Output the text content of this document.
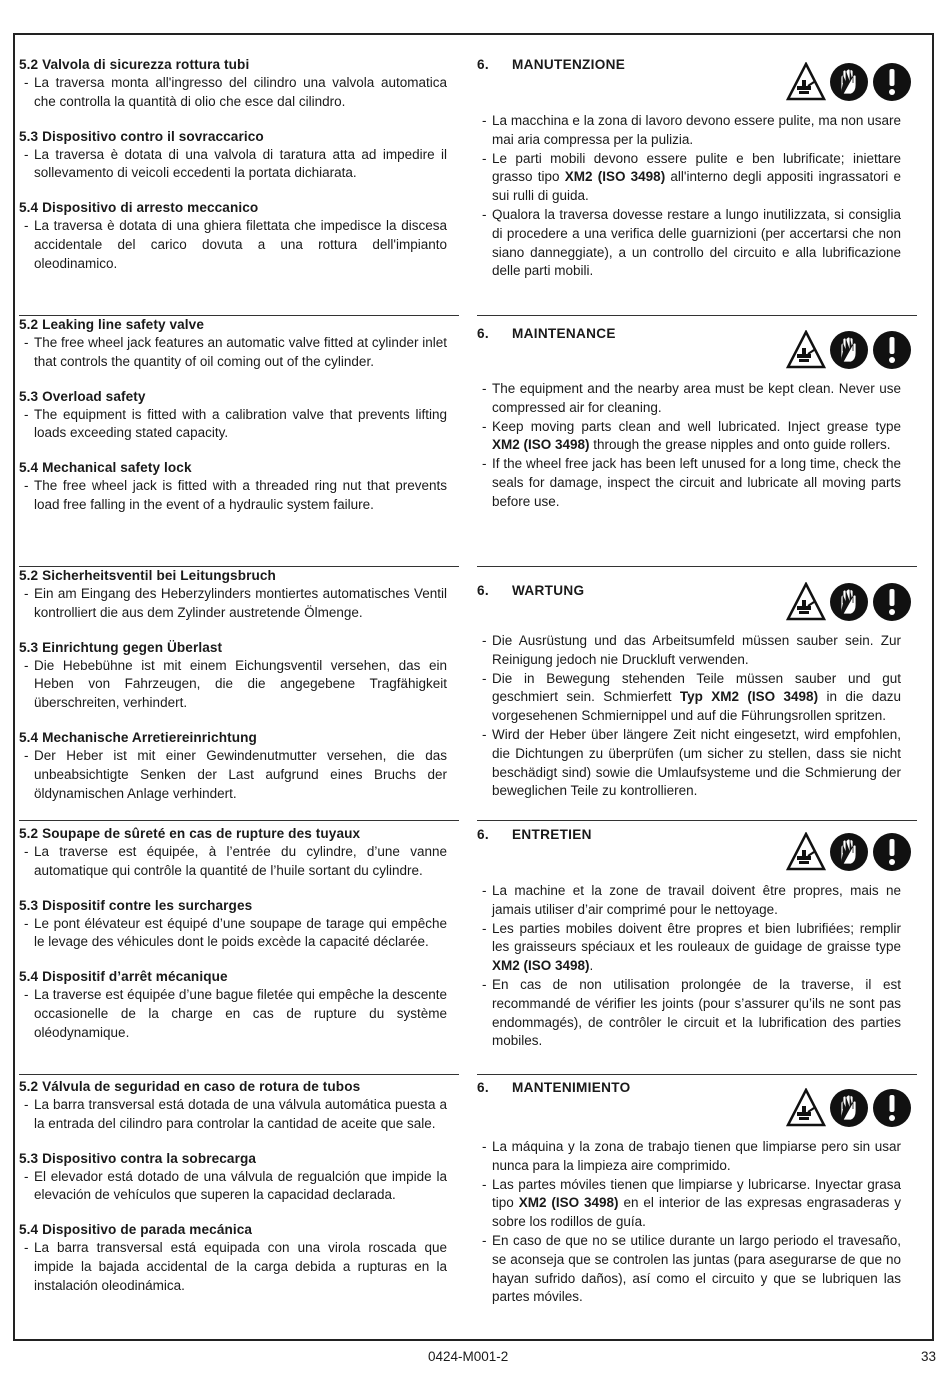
5.2 Valvola di sicurezza rottura tubi
- La traversa monta all'ingresso del cilindro una valvola automatica che controlla la quantità di olio che esce dal cilindro.
5.3 Dispositivo contro il sovraccarico
- La traversa è dotata di una valvola di taratura atta ad impedire il sollevamento di veicoli eccedenti la portata dichiarata.
5.4 Dispositivo di arresto meccanico
- La traversa è dotata di una ghiera filettata che impedisce la discesa accidentale del carico dovuta a una rottura dell'impianto oleodinamico.

6. MANUTENZIONE

- La macchina e la zona di lavoro devono essere pulite, ma non usare mai aria compressa per la pulizia.
- Le parti mobili devono essere pulite e ben lubrificate; iniettare grasso tipo XM2 (ISO 3498) all'interno degli appositi ingrassatori e sui rulli di guida.
- Qualora la traversa dovesse restare a lungo inutilizzata, si consiglia di procedere a una verifica delle guarnizioni (per accertarsi che non siano danneggiate), a un controllo del circuito e alla lubrificazione delle parti mobili.
5.2 Leaking line safety valve
- The free wheel jack features an automatic valve fitted at cylinder inlet that controls the quantity of oil coming out of the cylinder.
5.3 Overload safety
- The equipment is fitted with a calibration valve that prevents lifting loads exceeding stated capacity.
5.4 Mechanical safety lock
- The free wheel jack is fitted with a threaded ring nut that prevents load free falling in the event of a hydraulic system failure.

6. MAINTENANCE

- The equipment and the nearby area must be kept clean. Never use compressed air for cleaning.
- Keep moving parts clean and well lubricated. Inject grease type XM2 (ISO 3498) through the grease nipples and onto guide rollers.
- If the wheel free jack has been left unused for a long time, check the seals for damage, inspect the circuit and lubricate all moving parts before use.
5.2 Sicherheitsventil bei Leitungsbruch
- Ein am Eingang des Heberzylinders montiertes automatisches Ventil kontrolliert die aus dem Zylinder austretende Ölmenge.
5.3 Einrichtung gegen Überlast
- Die Hebebühne ist mit einem Eichungsventil versehen, das ein Heben von Fahrzeugen, die die angegebene Tragfähigkeit überschreiten, verhindert.
5.4 Mechanische Arretiereinrichtung
- Der Heber ist mit einer Gewindenutmutter versehen, die das unbeabsichtigte Senken der Last aufgrund eines Bruchs der öldynamischen Anlage verhindert.

6. WARTUNG

- Die Ausrüstung und das Arbeitsumfeld müssen sauber sein. Zur Reinigung jedoch nie Druckluft verwenden.
- Die in Bewegung stehenden Teile müssen sauber und gut geschmiert sein. Schmierfett Typ XM2 (ISO 3498) in die dazu vorgesehenen Schmiernippel und auf die Führungsrollen spritzen.
- Wird der Heber über längere Zeit nicht eingesetzt, wird empfohlen, die Dichtungen zu überprüfen (um sicher zu stellen, dass sie nicht beschädigt sind) sowie die Umlaufsysteme und die Schmierung der beweglichen Teile zu kontrollieren.
5.2 Soupape de sûreté en cas de rupture des tuyaux
- La traverse est équipée, à l’entrée du cylindre, d’une vanne automatique qui contrôle la quantité de l’huile sortant du cylindre.
5.3 Dispositif contre les surcharges
- Le pont élévateur est équipé d’une soupape de tarage qui empêche le levage des véhicules dont le poids excède la capacité déclarée.
5.4 Dispositif d’arrêt mécanique
- La traverse est équipée d’une bague filetée qui empêche la descente occasionelle de la charge en cas de rupture du système oléodynamique.

6. ENTRETIEN

- La machine et la zone de travail doivent être propres, mais ne jamais utiliser d’air comprimé pour le nettoyage.
- Les parties mobiles doivent être propres et bien lubrifiées; remplir les graisseurs spéciaux et les rouleaux de guidage de graisse type XM2 (ISO 3498).
- En cas de non utilisation prolongée de la traverse, il est recommandé de vérifier les joints (pour s’assurer qu’ils ne sont pas endommagés), de contrôler le circuit et la lubrification des parties mobiles.
5.2 Válvula de seguridad en caso de rotura de tubos
- La barra transversal está dotada de una válvula automática puesta a la entrada del cilindro para controlar la cantidad de aceite que sale.
5.3 Dispositivo contra la sobrecarga
- El elevador está dotado de una válvula de regualción que impide la elevación de vehículos que superen la capacidad declarada.
5.4 Dispositivo de parada mecánica
- La barra transversal está equipada con una virola roscada que impide la bajada accidental de la carga debida a rupturas en la instalación oleodinámica.

6. MANTENIMIENTO

- La máquina y la zona de trabajo tienen que limpiarse pero sin usar nunca para la limpieza aire comprimido.
- Las partes móviles tienen que limpiarse y lubricarse. Inyectar grasa tipo XM2 (ISO 3498) en el interior de las expresas engrasaderas y sobre los rodillos de guía.
- En caso de que no se utilice durante un largo periodo el travesaño, se aconseja que se controlen las juntas (para asegurarse de que no hayan sufrido daños), así como el circuito y que se lubriquen las partes móviles.
0424-M001-2	33
